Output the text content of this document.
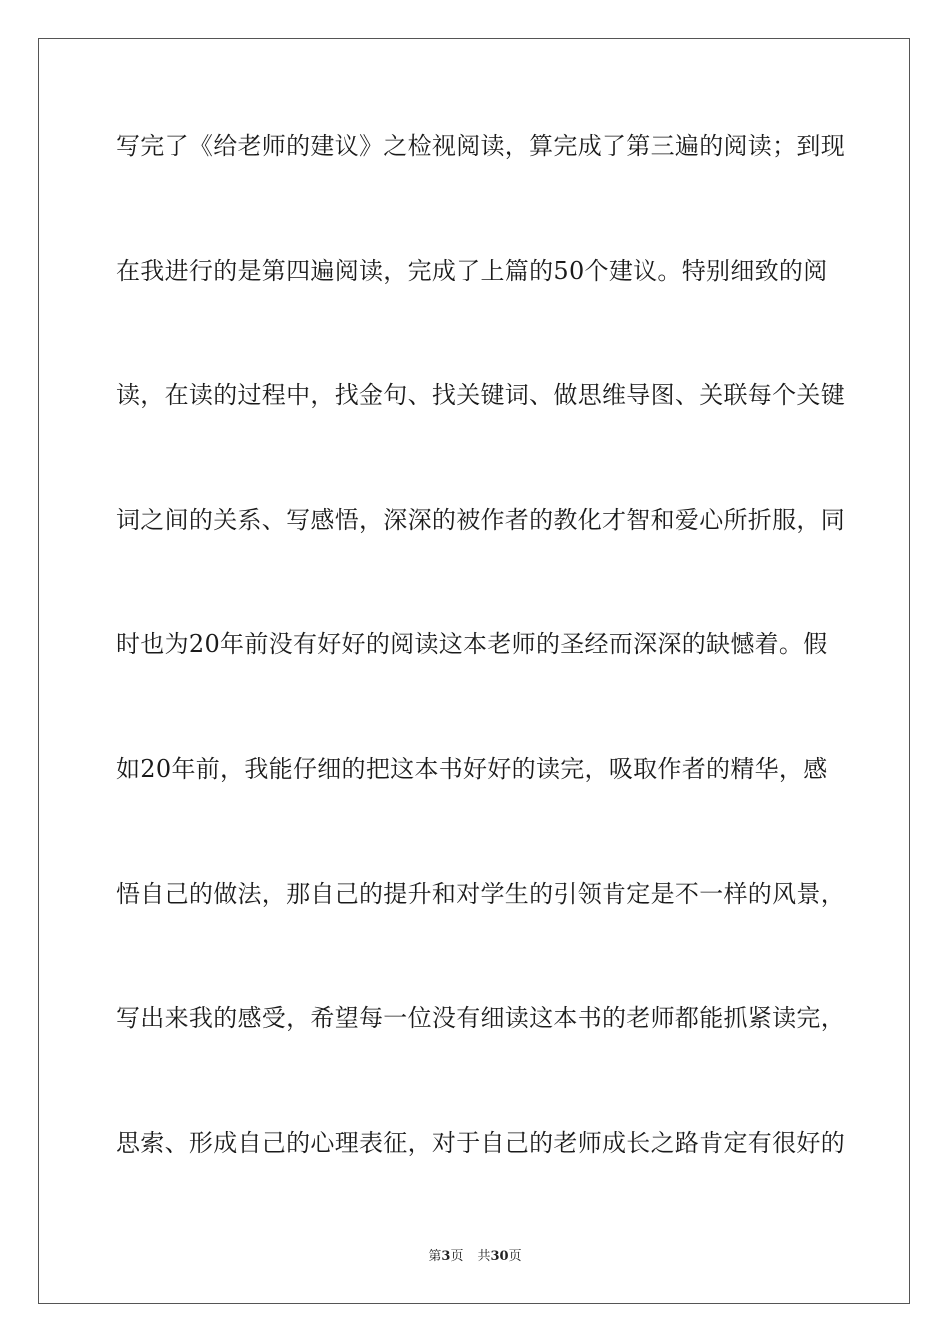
写完了《给老师的建议》之检视阅读，算完成了第三遍的阅读；到现
在我进行的是第四遍阅读，完成了上篇的50个建议。特别细致的阅
读，在读的过程中，找金句、找关键词、做思维导图、关联每个关键
词之间的关系、写感悟，深深的被作者的教化才智和爱心所折服，同
时也为20年前没有好好的阅读这本老师的圣经而深深的缺憾着。假
如20年前，我能仔细的把这本书好好的读完，吸取作者的精华，感
悟自己的做法，那自己的提升和对学生的引领肯定是不一样的风景，
写出来我的感受，希望每一位没有细读这本书的老师都能抓紧读完，
思索、形成自己的心理表征，对于自己的老师成长之路肯定有很好的
第3页 共30页
